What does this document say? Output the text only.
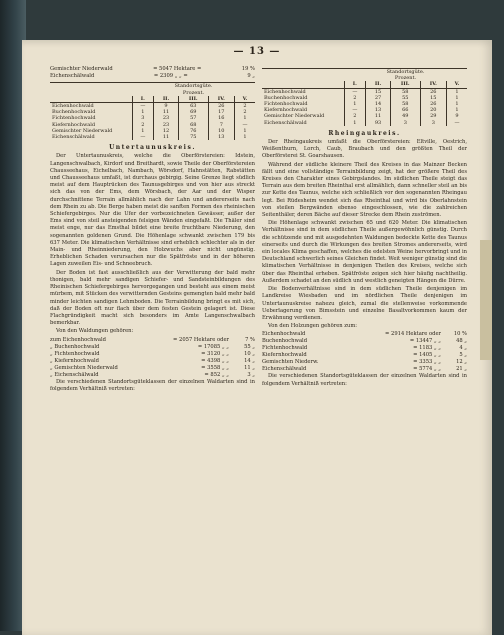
— 13 —
Gemischter Niederwald	= 5047 Hektare =	19 %
Eichenschälwald	= 2309 „ „ =	9 „
	Standortsgüte.				
	Prozent.				
	I.	II.	III.	IV.	V.
Eichenhochwald	—	9	63	26	2
Buchenhochwald	1	11	69	17	2
Fichtenhochwald	3	23	57	16	1
Kiefernhochwald	2	23	68	7	—
Gemischter Niederwald	1	12	76	10	1
Eichenschälwald	—	11	75	13	1
Untertaunuskreis.

Der Untertaunuskreis, welche die Oberförstereien: Idstein, Langenschwalbach, Kirdorf und Breithardt, sowie Theile der Oberförstereien Chausseehaus, Eichelbach, Nambach, Wörsdorf, Hahnstätten, Rabstätten und Chausseehaus umfaßt, ist durchaus gebirgig. Seine Grenze liegt südlich meist auf dem Hauptrücken des Taunusgebirges und von hier aus streckt sich das von der Ems, dem Wörsbach, der Aar und der Wisper durchschnittene Terrain allmählich nach der Lahn und andererseits nach dem Rhein zu ab. Die Berge haben meist die sanften Formen des rheinischen Schiefergebirges. Nur die Ufer der vorbezeichneten Gewässer, außer der Ems sind von steil ansteigenden felsigen Wänden eingefaßt. Die Thäler sind meist enge, nur das Emsthal bildet eine breite fruchtbare Niederung, den sogenannten goldenen Grund. Die Höhenlage schwankt zwischen 179 bis 637 Meter. Die klimatischen Verhältnisse sind erheblich schlechter als in der Main- und Rheinniederung, den Holzwuchs aber nicht ungünstig. Erheblichen Schaden verursachen nur die Spätfröste und in der höheren Lagen zuweilen Eis- und Schneebruch.

Der Boden ist fast ausschließlich aus der Verwitterung der bald mehr thonigen, bald mehr sandigen Schiefer- und Sandsteinbildungen des Rheinischen Schiefergebirges hervorgegangen und besteht aus einem meist mürbem, mit Stücken des verwitternden Gesteins gemengten bald mehr bald minder leichten sandigen Lehmboden. Die Terrainbildung bringt es mit sich, daß der Boden oft nur flach über dem festen Gestein gelagert ist. Diese Flachgründigkeit macht sich besonders im Amte Langenschwalbach bemerkbar.

Von den Waldungen gehören:

zum Eichenhochwald	= 2057 Hektare oder	7 %
„ Buchenhochwald	= 17085 „ „	55 „
„ Fichtenhochwald	= 3120 „ „	10 „
„ Kiefernhochwald	= 4398 „ „	14 „
„ Gemischten Niederwald	= 3558 „ „	11 „
„ Eichenschälwald	= 852 „ „	3 „

Die verschiedenen Standortsgüteklassen der einzelnen Waldarten sind in folgendem Verhältniß vertreten:

	Standortsgüte.				
	Prozent.				
	I.	II.	III.	IV.	V.
Eichenhochwald	—	15	58	26	1
Buchenhochwald	2	27	55	15	1
Fichtenhochwald	1	14	58	26	1
Kiefernhochwald	—	13	66	20	1
Gemischter Niederwald	2	11	49	29	9
Eichenschälwald	1	93	3	3	—
Rheingaukreis.

Der Rheingaukreis umfaßt die Oberförstereien: Eltville, Oestrich, Weißenthurn, Lorch, Caub, Braubach und den größten Theil der Oberförsterei St. Goarshausen.

Während der südliche kleinere Theil des Kreises in das Mainzer Becken fällt und eine vollständige Terrainbildung zeigt, hat der größere Theil des Kreises den Charakter eines Gebirgslandes. Im südlichen Theile steigt das Terrain aus dem breiten Rheinthal erst allmählich, dann schneller steil an bis zur Kette des Taunus, welche sich schließlich vor den sogenannten Rheingau legt. Bei Rüdesheim wendet sich das Rheinthal und wird bis Oberlahnstein von steilen Bergwänden ebenso eingeschlossen, wie die zahlreichen Seitenthäler, deren Bäche auf dieser Strecke dem Rhein zuströmen.

Die Höhenlage schwankt zwischen 65 und 620 Meter. Die klimatischen Verhältnisse sind in dem südlichen Theile außergewöhnlich günstig. Durch die schützende und mit ausgedehnten Waldungen bedeckte Kette des Taunus einerseits und durch die Wirkungen des breiten Stromes andererseits, wird ein locales Klima geschaffen, welches die edelsten Weine hervorbringt und in Deutschland schwerlich seines Gleichen findet. Weit weniger günstig sind die klimatischen Verhältnisse in denjenigen Theilen des Kreises, welche sich über das Rheinthal erheben. Spätfröste zeigen sich hier häufig nachtheilig. Außerdem schadet an den südlich und westlich geneigten Hängen die Dürre.

Die Bodenverhältnisse sind in dem südlichen Theile denjenigen im Landkreise Wiesbaden und im nördlichen Theile denjenigen im Untertaunuskreise nahezu gleich, zumal die stellenweise vorkommende Ueberlagerung von Bimsstein und einzelne Basaltvorkommen kaum der Erwähnung verdienen.

Von den Holzungen gehören zum:

Eichenhochwald	= 2914 Hektare oder	10 %
Buchenhochwald	= 13447 „ „	48 „
Fichtenhochwald	= 1183 „ „	4 „
Kiefernhochwald	= 1405 „ „	5 „
Gemischten Niederw.	= 3353 „ „	12 „
Eichenschälwald	= 5774 „ „	21 „

Die verschiedenen Standortsgüteklassen der einzelnen Waldarten sind in folgendem Verhältniß vertreten:
